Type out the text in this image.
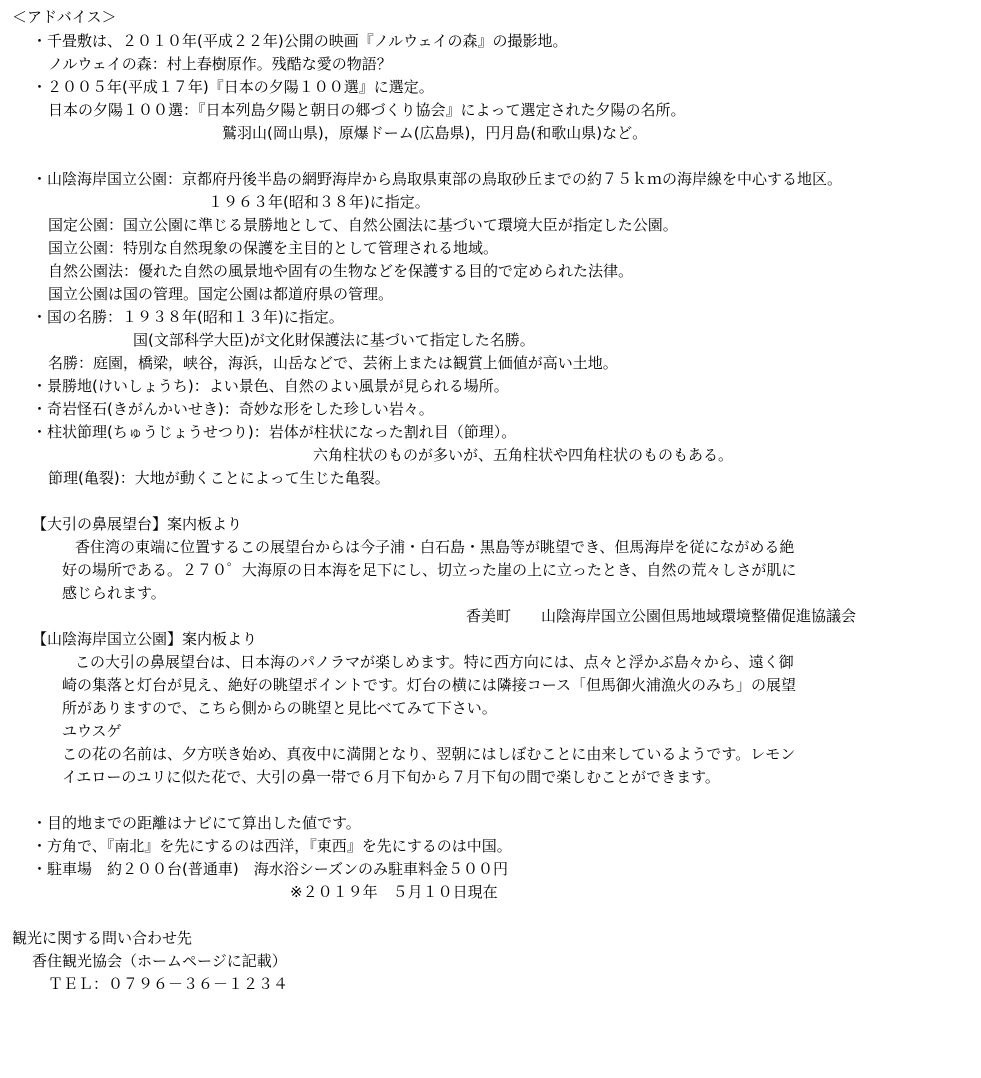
＜アドバイス＞
・千畳敷は、２０１０年(平成２２年)公開の映画『ノルウェイの森』の撮影地。
ノルウェイの森：村上春樹原作。残酷な愛の物語？
・２００５年(平成１７年)『日本の夕陽１００選』に選定。
日本の夕陽１００選：『日本列島夕陽と朝日の郷づくり協会』によって選定された夕陽の名所。
鷲羽山(岡山県)，原爆ドーム(広島県)，円月島(和歌山県)など。
・山陰海岸国立公園：京都府丹後半島の網野海岸から鳥取県東部の鳥取砂丘までの約７５ｋｍの海岸線を中心する地区。
１９６３年(昭和３８年)に指定。
国定公園：国立公園に準じる景勝地として、自然公園法に基づいて環境大臣が指定した公園。
国立公園：特別な自然現象の保護を主目的として管理される地域。
自然公園法：優れた自然の風景地や固有の生物などを保護する目的で定められた法律。
国立公園は国の管理。国定公園は都道府県の管理。
・国の名勝：１９３８年(昭和１３年)に指定。
国(文部科学大臣)が文化財保護法に基づいて指定した名勝。
名勝：庭園，橋梁，峡谷，海浜，山岳などで、芸術上または観賞上価値が高い土地。
・景勝地(けいしょうち)：よい景色、自然のよい風景が見られる場所。
・奇岩怪石(きがんかいせき)：奇妙な形をした珍しい岩々。
・柱状節理(ちゅうじょうせつり)：岩体が柱状になった割れ目（節理）。
六角柱状のものが多いが、五角柱状や四角柱状のものもある。
節理(亀裂)：大地が動くことによって生じた亀裂。
【大引の鼻展望台】案内板より
香住湾の東端に位置するこの展望台からは今子浦・白石島・黒島等が眺望でき、但馬海岸を従にながめる絶
好の場所である。２７０゜大海原の日本海を足下にし、切立った崖の上に立ったとき、自然の荒々しさが肌に
感じられます。
香美町　　山陰海岸国立公園但馬地域環境整備促進協議会
【山陰海岸国立公園】案内板より
この大引の鼻展望台は、日本海のパノラマが楽しめます。特に西方向には、点々と浮かぶ島々から、遠く御
崎の集落と灯台が見え、絶好の眺望ポイントです。灯台の横には隣接コース「但馬御火浦漁火のみち」の展望
所がありますので、こちら側からの眺望と見比べてみて下さい。
ユウスゲ
この花の名前は、夕方咲き始め、真夜中に満開となり、翌朝にはしぼむことに由来しているようです。レモン
イエローのユリに似た花で、大引の鼻一帯で６月下旬から７月下旬の間で楽しむことができます。
・目的地までの距離はナビにて算出した値です。
・方角で、『南北』を先にするのは西洋，『東西』を先にするのは中国。
・駐車場　約２００台(普通車)　海水浴シーズンのみ駐車料金５００円
※２０１９年　５月１０日現在
観光に関する問い合わせ先
香住観光協会（ホームページに記載）
ＴＥＬ：０７９６－３６－１２３４
